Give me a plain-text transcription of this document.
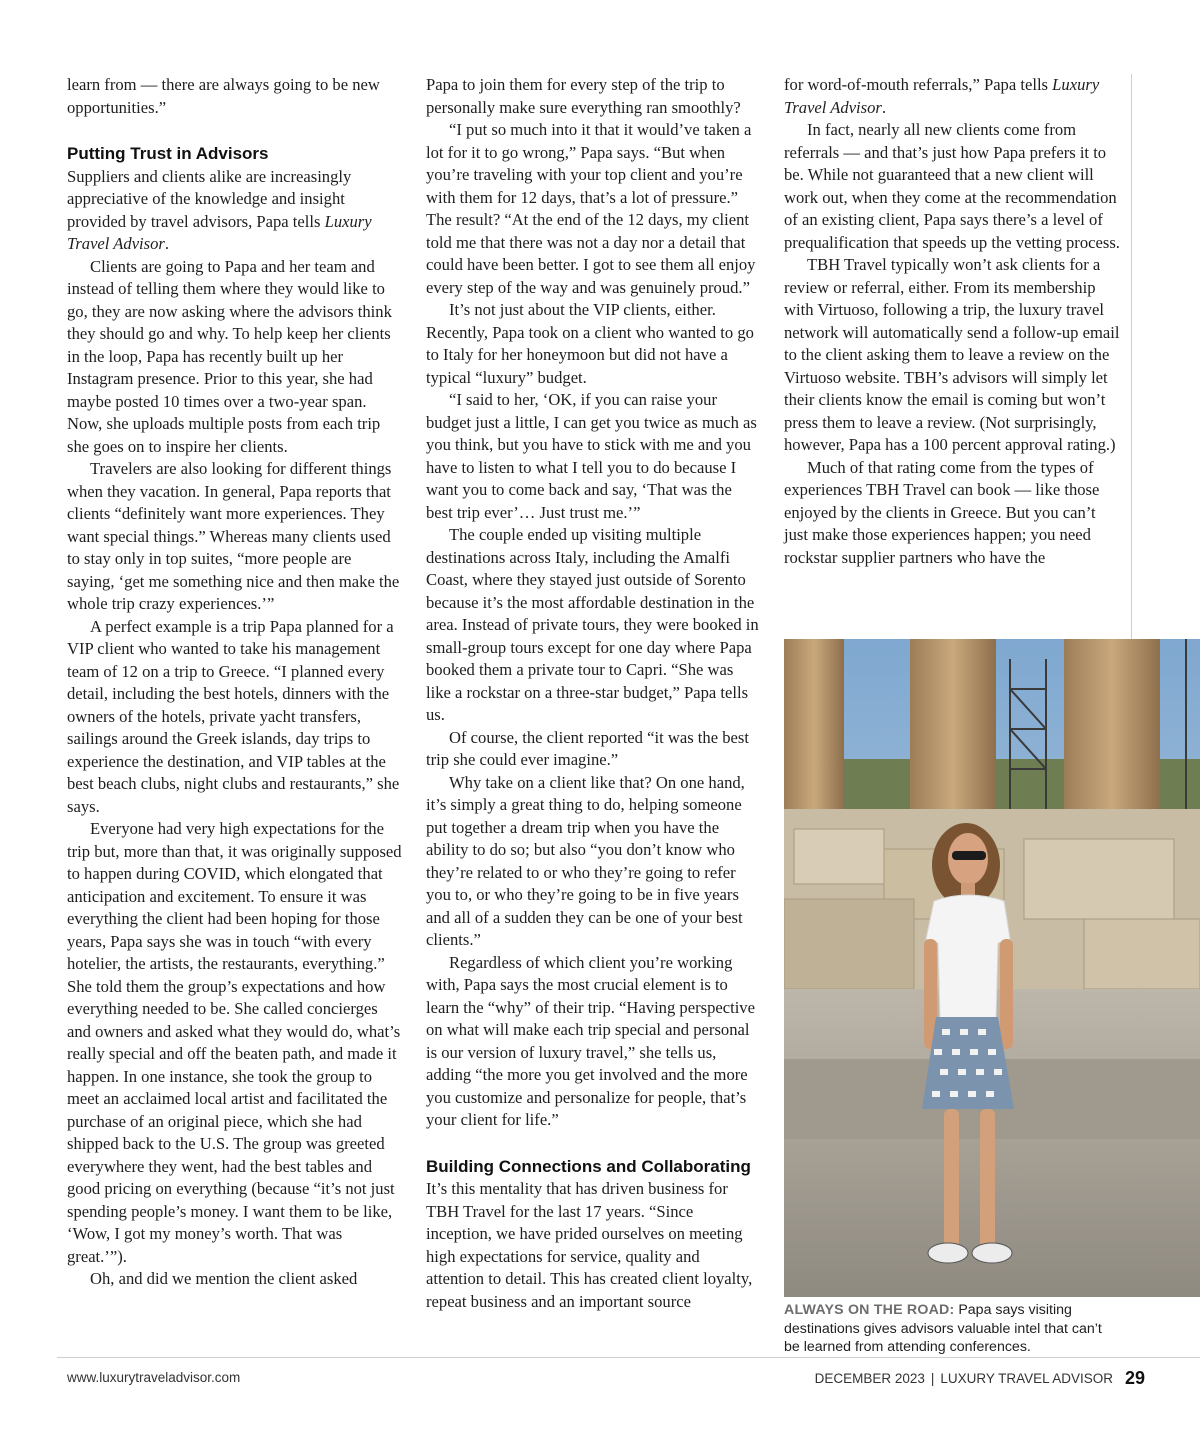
learn from — there are always going to be new opportunities.”

Putting Trust in Advisors

Suppliers and clients alike are increasingly appreciative of the knowledge and insight provided by travel advisors, Papa tells Luxury Travel Advisor.

Clients are going to Papa and her team and instead of telling them where they would like to go, they are now asking where the advisors think they should go and why. To help keep her clients in the loop, Papa has recently built up her Instagram presence. Prior to this year, she had maybe posted 10 times over a two-year span. Now, she uploads multiple posts from each trip she goes on to inspire her clients.

Travelers are also looking for different things when they vacation. In general, Papa reports that clients “definitely want more experiences. They want special things.” Whereas many clients used to stay only in top suites, “more people are saying, ‘get me something nice and then make the whole trip crazy experiences.’”

A perfect example is a trip Papa planned for a VIP client who wanted to take his management team of 12 on a trip to Greece. “I planned every detail, including the best hotels, dinners with the owners of the hotels, private yacht transfers, sailings around the Greek islands, day trips to experience the destination, and VIP tables at the best beach clubs, night clubs and restaurants,” she says.

Everyone had very high expectations for the trip but, more than that, it was originally supposed to happen during COVID, which elongated that anticipation and excitement. To ensure it was everything the client had been hoping for those years, Papa says she was in touch “with every hotelier, the artists, the restaurants, everything.” She told them the group’s expectations and how everything needed to be. She called concierges and owners and asked what they would do, what’s really special and off the beaten path, and made it happen. In one instance, she took the group to meet an acclaimed local artist and facilitated the purchase of an original piece, which she had shipped back to the U.S. The group was greeted everywhere they went, had the best tables and good pricing on everything (because “it’s not just spending people’s money. I want them to be like, ‘Wow, I got my money’s worth. That was great.’”).

Oh, and did we mention the client asked

Papa to join them for every step of the trip to personally make sure everything ran smoothly?

“I put so much into it that it would’ve taken a lot for it to go wrong,” Papa says. “But when you’re traveling with your top client and you’re with them for 12 days, that’s a lot of pressure.” The result? “At the end of the 12 days, my client told me that there was not a day nor a detail that could have been better. I got to see them all enjoy every step of the way and was genuinely proud.”

It’s not just about the VIP clients, either. Recently, Papa took on a client who wanted to go to Italy for her honeymoon but did not have a typical “luxury” budget.

“I said to her, ‘OK, if you can raise your budget just a little, I can get you twice as much as you think, but you have to stick with me and you have to listen to what I tell you to do because I want you to come back and say, ‘That was the best trip ever’… Just trust me.’”

The couple ended up visiting multiple destinations across Italy, including the Amalfi Coast, where they stayed just outside of Sorento because it’s the most affordable destination in the area. Instead of private tours, they were booked in small-group tours except for one day where Papa booked them a private tour to Capri. “She was like a rockstar on a three-star budget,” Papa tells us.

Of course, the client reported “it was the best trip she could ever imagine.”

Why take on a client like that? On one hand, it’s simply a great thing to do, helping someone put together a dream trip when you have the ability to do so; but also “you don’t know who they’re related to or who they’re going to refer you to, or who they’re going to be in five years and all of a sudden they can be one of your best clients.”

Regardless of which client you’re working with, Papa says the most crucial element is to learn the “why” of their trip. “Having perspective on what will make each trip special and personal is our version of luxury travel,” she tells us, adding “the more you get involved and the more you customize and personalize for people, that’s your client for life.”

Building Connections and Collaborating

It’s this mentality that has driven business for TBH Travel for the last 17 years. “Since inception, we have prided ourselves on meeting high expectations for service, quality and attention to detail. This has created client loyalty, repeat business and an important source

for word-of-mouth referrals,” Papa tells Luxury Travel Advisor.

In fact, nearly all new clients come from referrals — and that’s just how Papa prefers it to be. While not guaranteed that a new client will work out, when they come at the recommendation of an existing client, Papa says there’s a level of prequalification that speeds up the vetting process.

TBH Travel typically won’t ask clients for a review or referral, either. From its membership with Virtuoso, following a trip, the luxury travel network will automatically send a follow-up email to the client asking them to leave a review on the Virtuoso website. TBH’s advisors will simply let their clients know the email is coming but won’t press them to leave a review. (Not surprisingly, however, Papa has a 100 percent approval rating.)

Much of that rating come from the types of experiences TBH Travel can book — like those enjoyed by the clients in Greece. But you can’t just make those experiences happen; you need rockstar supplier partners who have the

ALWAYS ON THE ROAD: Papa says visiting destinations gives advisors valuable intel that can’t be learned from attending conferences.
www.luxurytraveladvisor.com	DECEMBER 2023 | LUXURY TRAVEL ADVISOR 29
